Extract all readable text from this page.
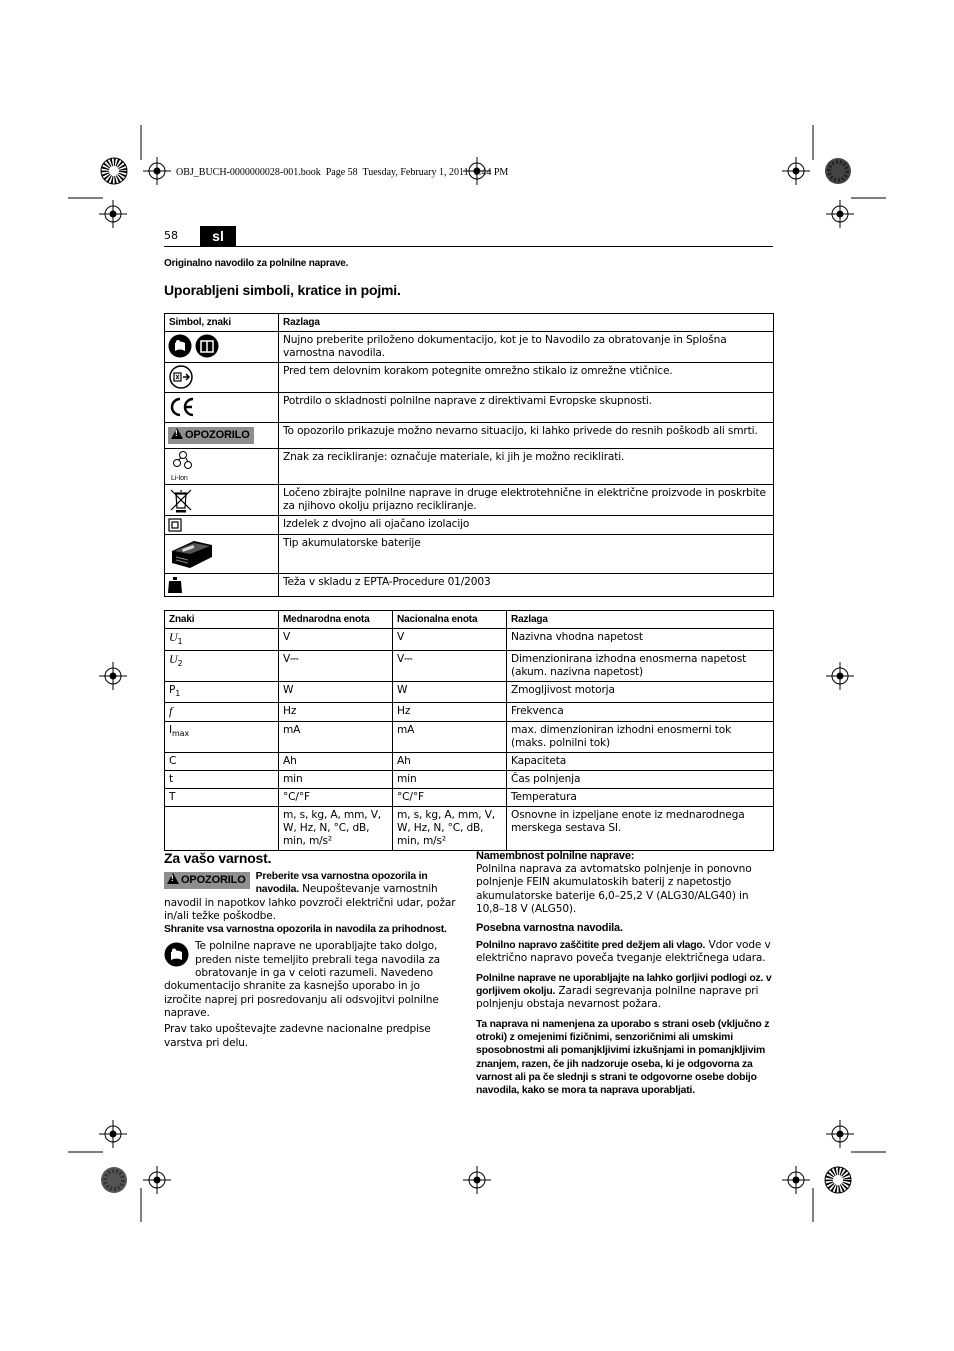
OBJ_BUCH-0000000028-001.book  Page 58  Tuesday, February 1, 2011  1:44 PM
58	sl
Originalno navodilo za polnilne naprave.
Uporabljeni simboli, kratice in pojmi.
Simbol, znaki	Razlaga
	Nujno preberite priloženo dokumentacijo, kot je to Navodilo za obratovanje in Splošna varnostna navodila.
	Pred tem delovnim korakom potegnite omrežno stikalo iz omrežne vtičnice.
	Potrdilo o skladnosti polnilne naprave z direktivami Evropske skupnosti.
!OPOZORILO	To opozorilo prikazuje možno nevarno situacijo, ki lahko privede do resnih poškodb ali smrti.

Li-Ion	Znak za recikliranje: označuje materiale, ki jih je možno reciklirati.
	Ločeno zbirajte polnilne naprave in druge elektrotehnične in električne proizvode in poskrbite za njihovo okolju prijazno recikliranje.
	Izdelek z dvojno ali ojačano izolacijo
	Tip akumulatorske baterije
	Teža v skladu z EPTA-Procedure 01/2003
Znaki	Mednarodna enota	Nacionalna enota	Razlaga
$U_1$	V	V	Nazivna vhodna napetost
$U_2$	V⎓	V⎓	Dimenzionirana izhodna enosmerna napetost (akum. nazivna napetost)
$P_1$	W	W	Zmogljivost motorja
f	Hz	Hz	Frekvenca
$I_{max}$	mA	mA	max. dimenzioniran izhodni enosmerni tok (maks. polnilni tok)
C	Ah	Ah	Kapaciteta
t	min	min	Čas polnjenja
T	°C/°F	°C/°F	Temperatura
	m, s, kg, A, mm, V, W, Hz, N, °C, dB, min, m/s²	m, s, kg, A, mm, V, W, Hz, N, °C, dB, min, m/s²	Osnovne in izpeljane enote iz mednarodnega merskega sestava SI.
Za vašo varnost.
!OPOZORILO Preberite vsa varnostna opozorila in navodila. Neupoštevanje varnostnih navodil in napotkov lahko povzroči električni udar, požar in/ali težke poškodbe.
Shranite vsa varnostna opozorila in navodila za prihodnost.
Te polnilne naprave ne uporabljajte tako dolgo, preden niste temeljito prebrali tega navodila za obratovanje in ga v celoti razumeli. Navedeno dokumentacijo shranite za kasnejšo uporabo in jo izročite naprej pri posredovanju ali odsvojitvi polnilne naprave.
Prav tako upoštevajte zadevne nacionalne predpise varstva pri delu.
Namembnost polnilne naprave:
Polnilna naprava za avtomatsko polnjenje in ponovno polnjenje FEIN akumulatoskih baterij z napetostjo akumulatorske baterije 6,0–25,2 V (ALG30/ALG40) in 10,8–18 V (ALG50).
Posebna varnostna navodila.
Polnilno napravo zaščitite pred dežjem ali vlago. Vdor vode v električno napravo poveča tveganje električnega udara.
Polnilne naprave ne uporabljajte na lahko gorljivi podlogi oz. v gorljivem okolju. Zaradi segrevanja polnilne naprave pri polnjenju obstaja nevarnost požara.
Ta naprava ni namenjena za uporabo s strani oseb (vključno z otroki) z omejenimi fizičnimi, senzoričnimi ali umskimi sposobnostmi ali pomanjkljivimi izkušnjami in pomanjkljivim znanjem, razen, če jih nadzoruje oseba, ki je odgovorna za varnost ali pa če slednji s strani te odgovorne osebe dobijo navodila, kako se mora ta naprava uporabljati.
